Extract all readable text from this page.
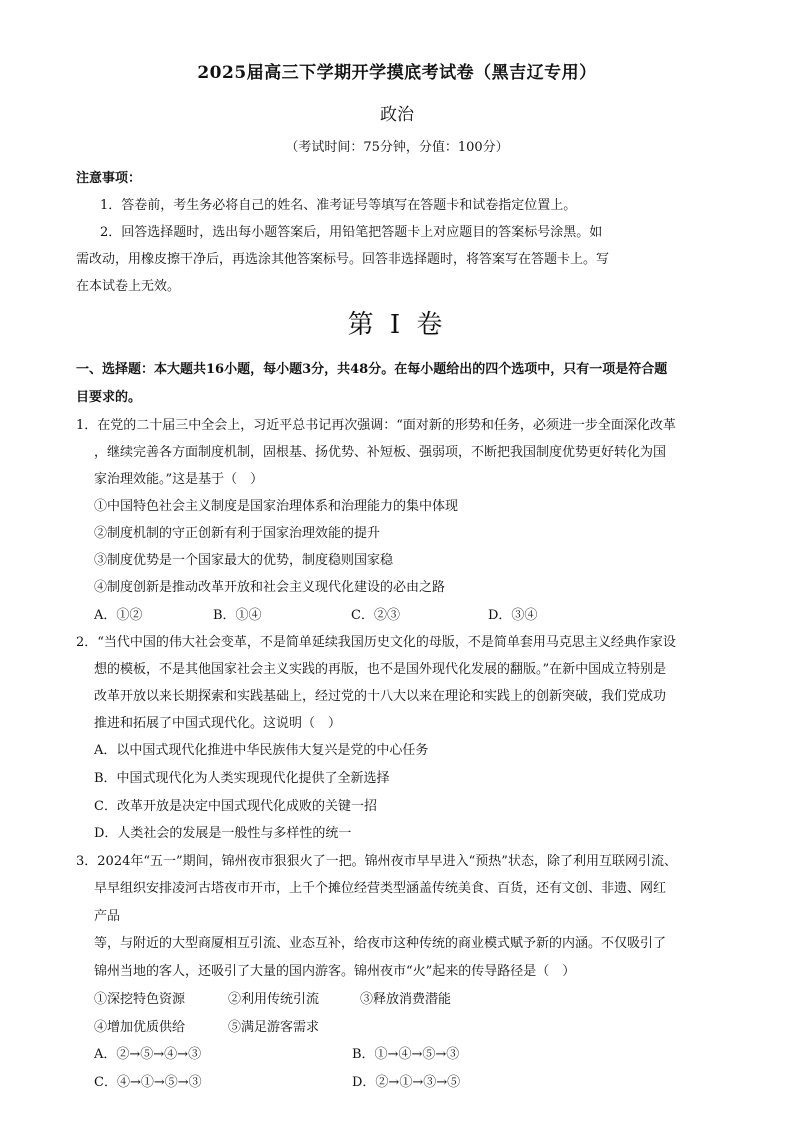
2025届高三下学期开学摸底考试卷（黑吉辽专用）
政治
（考试时间：75分钟，分值：100分）
注意事项：
1．答卷前，考生务必将自己的姓名、准考证号等填写在答题卡和试卷指定位置上。
2．回答选择题时，选出每小题答案后，用铅笔把答题卡上对应题目的答案标号涂黑。如
需改动，用橡皮擦干净后，再选涂其他答案标号。回答非选择题时，将答案写在答题卡上。写
在本试卷上无效。
第 I 卷
一、选择题：本大题共16小题，每小题3分，共48分。在每小题给出的四个选项中，只有一项是符合题
目要求的。
1．在党的二十届三中全会上，习近平总书记再次强调：“面对新的形势和任务，必须进一步全面深化改革
，继续完善各方面制度机制，固根基、扬优势、补短板、强弱项，不断把我国制度优势更好转化为国
家治理效能。”这是基于（　）
①中国特色社会主义制度是国家治理体系和治理能力的集中体现
②制度机制的守正创新有利于国家治理效能的提升
③制度优势是一个国家最大的优势，制度稳则国家稳
④制度创新是推动改革开放和社会主义现代化建设的必由之路
A．①②	B．①④	C．②③	D．③④
2．“当代中国的伟大社会变革，不是简单延续我国历史文化的母版，不是简单套用马克思主义经典作家设
想的模板，不是其他国家社会主义实践的再版，也不是国外现代化发展的翻版。”在新中国成立特别是
改革开放以来长期探索和实践基础上，经过党的十八大以来在理论和实践上的创新突破，我们党成功
推进和拓展了中国式现代化。这说明（　）
A．以中国式现代化推进中华民族伟大复兴是党的中心任务
B．中国式现代化为人类实现现代化提供了全新选择
C．改革开放是决定中国式现代化成败的关键一招
D．人类社会的发展是一般性与多样性的统一
3．2024年“五一”期间，锦州夜市狠狠火了一把。锦州夜市早早进入“预热”状态，除了利用互联网引流、
早早组织安排凌河古塔夜市开市，上千个摊位经营类型涵盖传统美食、百货，还有文创、非遗、网红
产品
等，与附近的大型商厦相互引流、业态互补，给夜市这种传统的商业模式赋予新的内涵。不仅吸引了
锦州当地的客人，还吸引了大量的国内游客。锦州夜市“火”起来的传导路径是（　）
①深挖特色资源	②利用传统引流	③释放消费潜能
④增加优质供给	⑤满足游客需求
A．②→⑤→④→③	B．①→④→⑤→③
C．④→①→⑤→③	D．②→①→③→⑤
